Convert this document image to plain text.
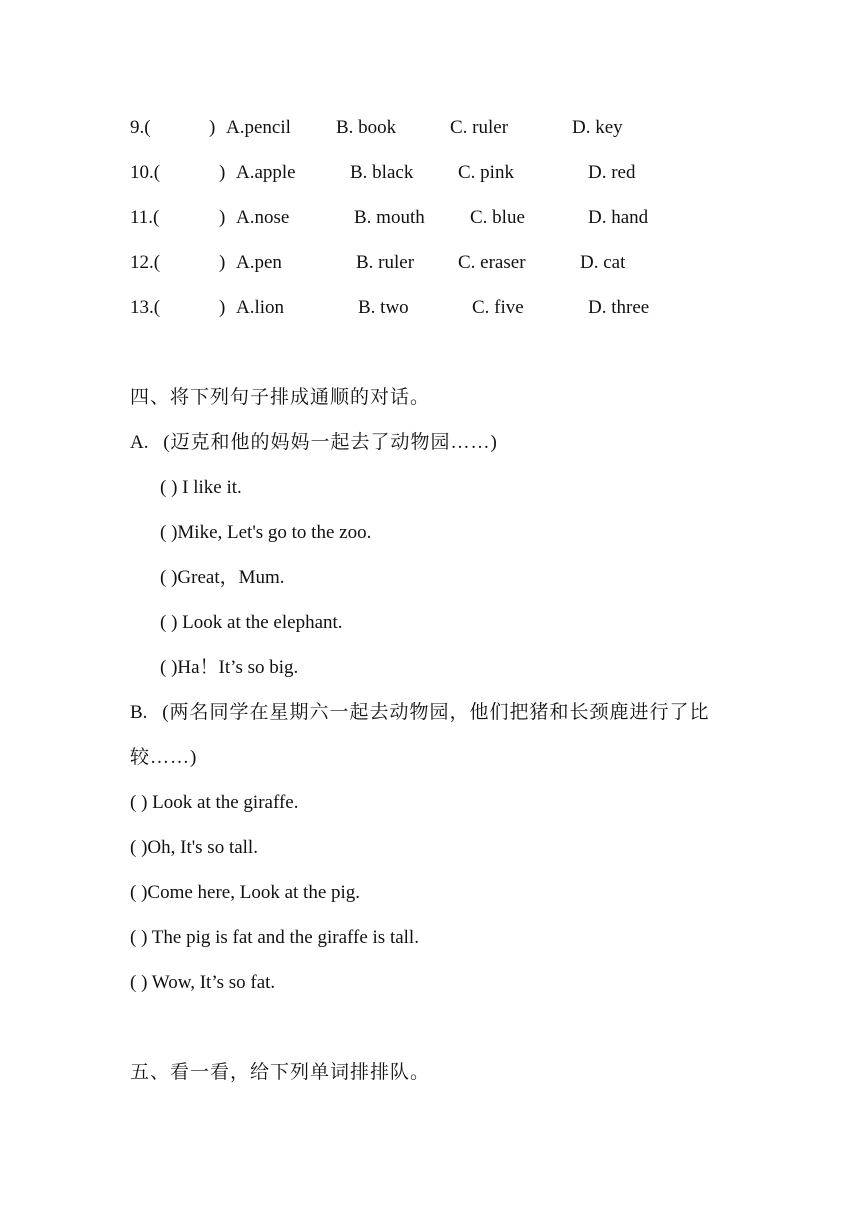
9.(	) A.pencil B. book	C. ruler	D. key
10.(	) A.apple	B. black C. pink	D. red
11.(	) A.nose	B. mouth C. blue	D. hand
12.(	) A.pen	B. ruler C. eraser	D. cat
13.(	) A.lion	B. two	C. five	D. three
四、将下列句子排成通顺的对话。
A. (迈克和他的妈妈一起去了动物园……)
( ) I like it.
( )Mike, Let's go to the zoo.
( )Great，Mum.
( ) Look at the elephant.
( )Ha！It’s so big.
B. (两名同学在星期六一起去动物园，他们把猪和长颈鹿进行了比
较……)
( ) Look at the giraffe.
( )Oh, It's so tall.
( )Come here, Look at the pig.
( ) The pig is fat and the giraffe is tall.
( ) Wow, It’s so fat.
五、看一看，给下列单词排排队。
